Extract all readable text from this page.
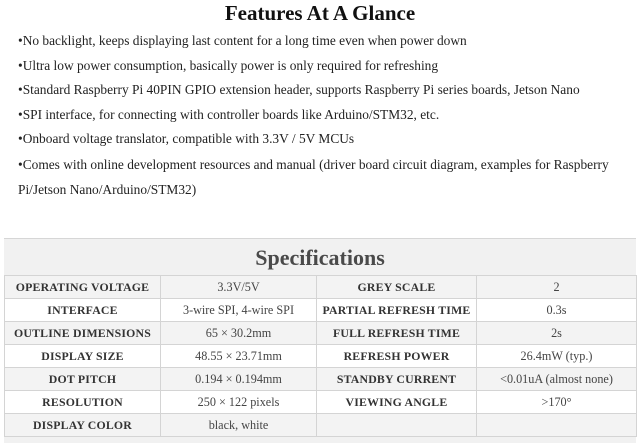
Features At A Glance
•No backlight, keeps displaying last content for a long time even when power down
•Ultra low power consumption, basically power is only required for refreshing
•Standard Raspberry Pi 40PIN GPIO extension header, supports Raspberry Pi series boards, Jetson Nano
•SPI interface, for connecting with controller boards like Arduino/STM32, etc.
•Onboard voltage translator, compatible with 3.3V / 5V MCUs
•Comes with online development resources and manual (driver board circuit diagram, examples for Raspberry Pi/Jetson Nano/Arduino/STM32)
Specifications
OPERATING VOLTAGE	3.3V/5V	GREY SCALE	2
INTERFACE	3-wire SPI, 4-wire SPI	PARTIAL REFRESH TIME	0.3s
OUTLINE DIMENSIONS	65 × 30.2mm	FULL REFRESH TIME	2s
DISPLAY SIZE	48.55 × 23.71mm	REFRESH POWER	26.4mW (typ.)
DOT PITCH	0.194 × 0.194mm	STANDBY CURRENT	<0.01uA (almost none)
RESOLUTION	250 × 122 pixels	VIEWING ANGLE	>170°
DISPLAY COLOR	black, white		
